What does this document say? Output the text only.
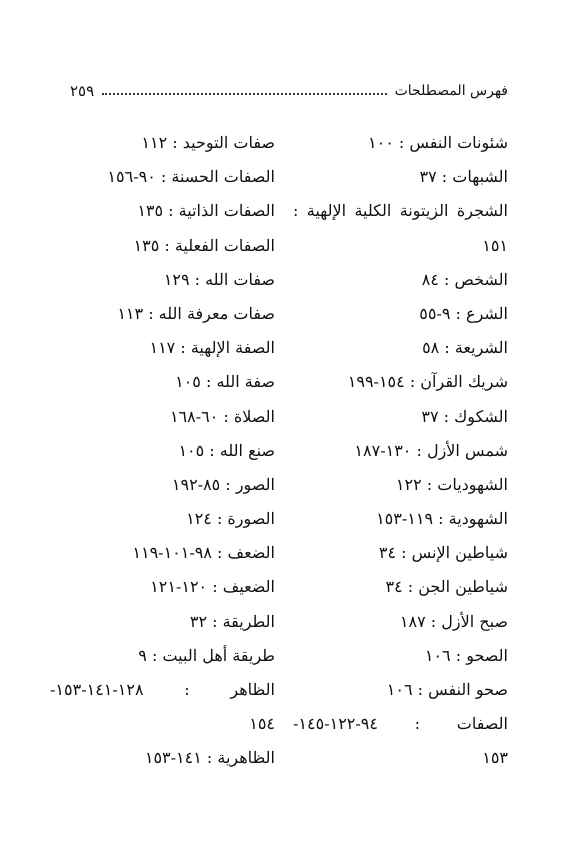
فهرس المصطلحات
٢٥٩
شئونات النفس : ١٠٠
الشبهات : ٣٧
الشجرة الزيتونة الكلية الإلهية :
١٥١
الشخص : ٨٤
الشرع : ٩-٥٥
الشريعة : ٥٨
شريك القرآن : ١٥٤-١٩٩
الشكوك : ٣٧
شمس الأزل : ١٣٠-١٨٧
الشهوديات : ١٢٢
الشهودية : ١١٩-١٥٣
شياطين الإنس : ٣٤
شياطين الجن : ٣٤
صبح الأزل : ١٨٧
الصحو : ١٠٦
صحو النفس : ١٠٦
الصفات : ٩٤-١٢٢-١٤٥-
١٥٣
صفات التوحيد : ١١٢
الصفات الحسنة : ٩٠-١٥٦
الصفات الذاتية : ١٣٥
الصفات الفعلية : ١٣٥
صفات الله : ١٢٩
صفات معرفة الله : ١١٣
الصفة الإلهية : ١١٧
صفة الله : ١٠٥
الصلاة : ٦٠-١٦٨
صنع الله : ١٠٥
الصور : ٨٥-١٩٢
الصورة : ١٢٤
الضعف : ٩٨-١٠١-١١٩
الضعيف : ١٢٠-١٢١
الطريقة : ٣٢
طريقة أهل البيت : ٩
الظاهر : ١٢٨-١٤١-١٥٣-
١٥٤
الظاهرية : ١٤١-١٥٣
